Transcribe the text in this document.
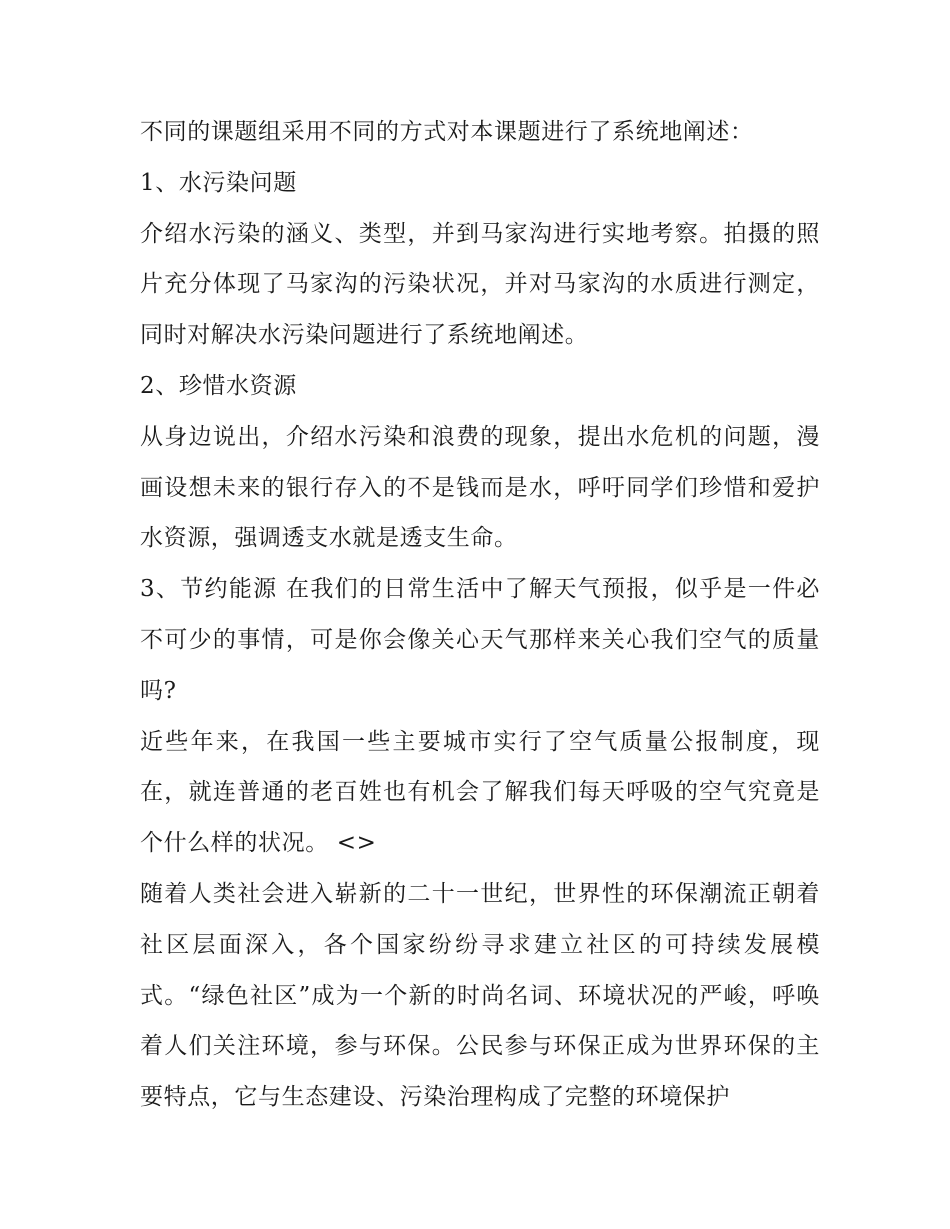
不同的课题组采用不同的方式对本课题进行了系统地阐述：

1、水污染问题

介绍水污染的涵义、类型，并到马家沟进行实地考察。拍摄的照片充分体现了马家沟的污染状况，并对马家沟的水质进行测定，同时对解决水污染问题进行了系统地阐述。

2、珍惜水资源

从身边说出，介绍水污染和浪费的现象，提出水危机的问题，漫画设想未来的银行存入的不是钱而是水，呼吁同学们珍惜和爱护水资源，强调透支水就是透支生命。

3、节约能源 在我们的日常生活中了解天气预报，似乎是一件必不可少的事情，可是你会像关心天气那样来关心我们空气的质量吗?

近些年来，在我国一些主要城市实行了空气质量公报制度，现在，就连普通的老百姓也有机会了解我们每天呼吸的空气究竟是个什么样的状况。 <>

随着人类社会进入崭新的二十一世纪，世界性的环保潮流正朝着社区层面深入，各个国家纷纷寻求建立社区的可持续发展模式。“绿色社区”成为一个新的时尚名词、环境状况的严峻，呼唤着人们关注环境，参与环保。公民参与环保正成为世界环保的主要特点，它与生态建设、污染治理构成了完整的环境保护
